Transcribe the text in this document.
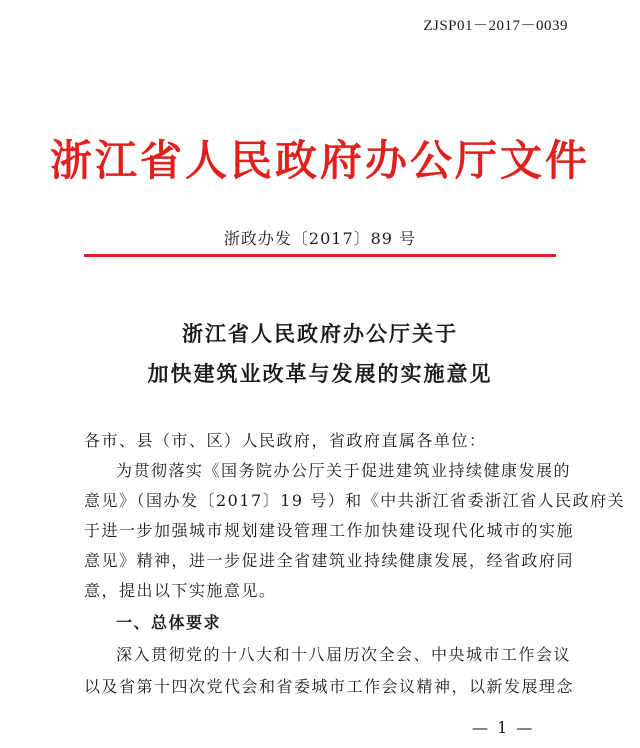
ZJSP01－2017－0039
浙江省人民政府办公厅文件
浙政办发〔2017〕89 号
浙江省人民政府办公厅关于
加快建筑业改革与发展的实施意见
各市、县（市、区）人民政府，省政府直属各单位：
为贯彻落实《国务院办公厅关于促进建筑业持续健康发展的
意见》（国办发〔2017〕19 号）和《中共浙江省委浙江省人民政府关
于进一步加强城市规划建设管理工作加快建设现代化城市的实施
意见》精神，进一步促进全省建筑业持续健康发展，经省政府同
意，提出以下实施意见。
一、总体要求
深入贯彻党的十八大和十八届历次全会、中央城市工作会议
以及省第十四次党代会和省委城市工作会议精神，以新发展理念
— 1 —
